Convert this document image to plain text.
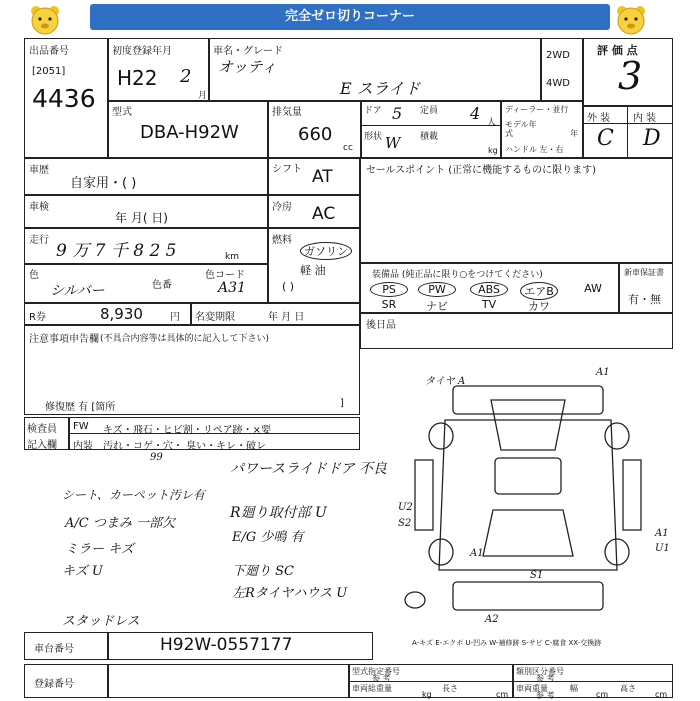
完全ゼロ切りコーナー
出品番号
[2051]
4436
初度登録年月
H22 2
月
車名・グレード
オッティ
E スライド
2WD
4WD
評 価 点
3
外 装 内 装
C D
型式
DBA-H92W
排気量
660
cc
ドア 5 定員 4 人
形状 W 積載
kg
ディーラー・並行
モデル年式	年
ハンドル 左・右
車歴
自家用・( )
シフト AT
車検
年 月( 日)
冷房 AC
走行
9 万 7 千 8 2 5	km
燃料
ガソリン
軽 油
( )
色
シルバー	色番
色コード
A31
R券	8,930	円 名変期限	年 月 日
セールスポイント (正常に機能するものに限ります)
装備品 (純正品に限り○をつけてください)	新車保証書
有・無
PS	PW	ABS	エアB	AW
SR	ナビ	TV	カワ
後日品
注意事項申告欄 (不具合内容等は具体的に記入して下さい)
修復歴 有 [箇所	]
検査員
記入欄
FW キズ・飛石・ヒビ割・リペア跡・×要
内装 汚れ・コゲ・穴・ 臭い・キレ・破レ
99
パワースライドドア 不良
シート、カーペット汚レ有
A/C つまみ 一部欠
R廻り取付部 U
E/G 少鳴 有
ミラー キズ
キズ U	下廻り SC
左Rタイヤハウス U
スタッドレス
タイヤ A
A1
U2
S2
A1
U1
S1
A1
A2
A-キズ E-エクボ U-凹み W-補修跡 S-サビ C-腐食 XX-交換跡
車台番号	H92W-0557177
登録番号
型式指定番号
参 考
類別区分番号
参 考
車両総重量
kg
長さ
cm
車両重量	幅
cm
高さ
cm
参 考
